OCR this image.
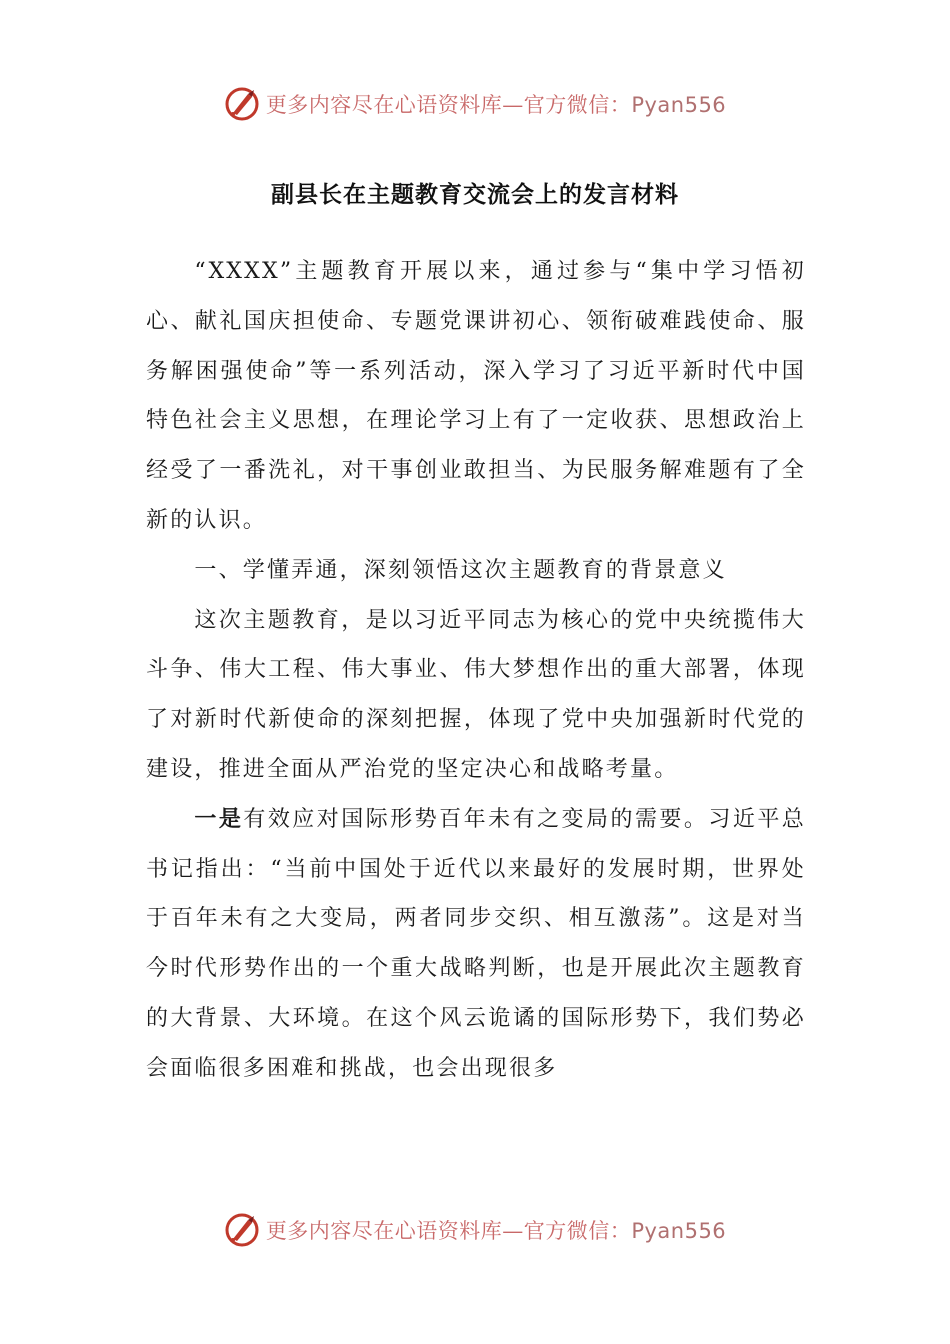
更多内容尽在心语资料库—官方微信：Pyan556
副县长在主题教育交流会上的发言材料

“XXXX”主题教育开展以来，通过参与“集中学习悟初心、献礼国庆担使命、专题党课讲初心、领衔破难践使命、服务解困强使命”等一系列活动，深入学习了习近平新时代中国特色社会主义思想，在理论学习上有了一定收获、思想政治上经受了一番洗礼，对干事创业敢担当、为民服务解难题有了全新的认识。

一、学懂弄通，深刻领悟这次主题教育的背景意义

这次主题教育，是以习近平同志为核心的党中央统揽伟大斗争、伟大工程、伟大事业、伟大梦想作出的重大部署，体现了对新时代新使命的深刻把握，体现了党中央加强新时代党的建设，推进全面从严治党的坚定决心和战略考量。

一是有效应对国际形势百年未有之变局的需要。习近平总书记指出：“当前中国处于近代以来最好的发展时期，世界处于百年未有之大变局，两者同步交织、相互激荡”。这是对当今时代形势作出的一个重大战略判断，也是开展此次主题教育的大背景、大环境。在这个风云诡谲的国际形势下，我们势必会面临很多困难和挑战，也会出现很多

更多内容尽在心语资料库—官方微信：Pyan556
